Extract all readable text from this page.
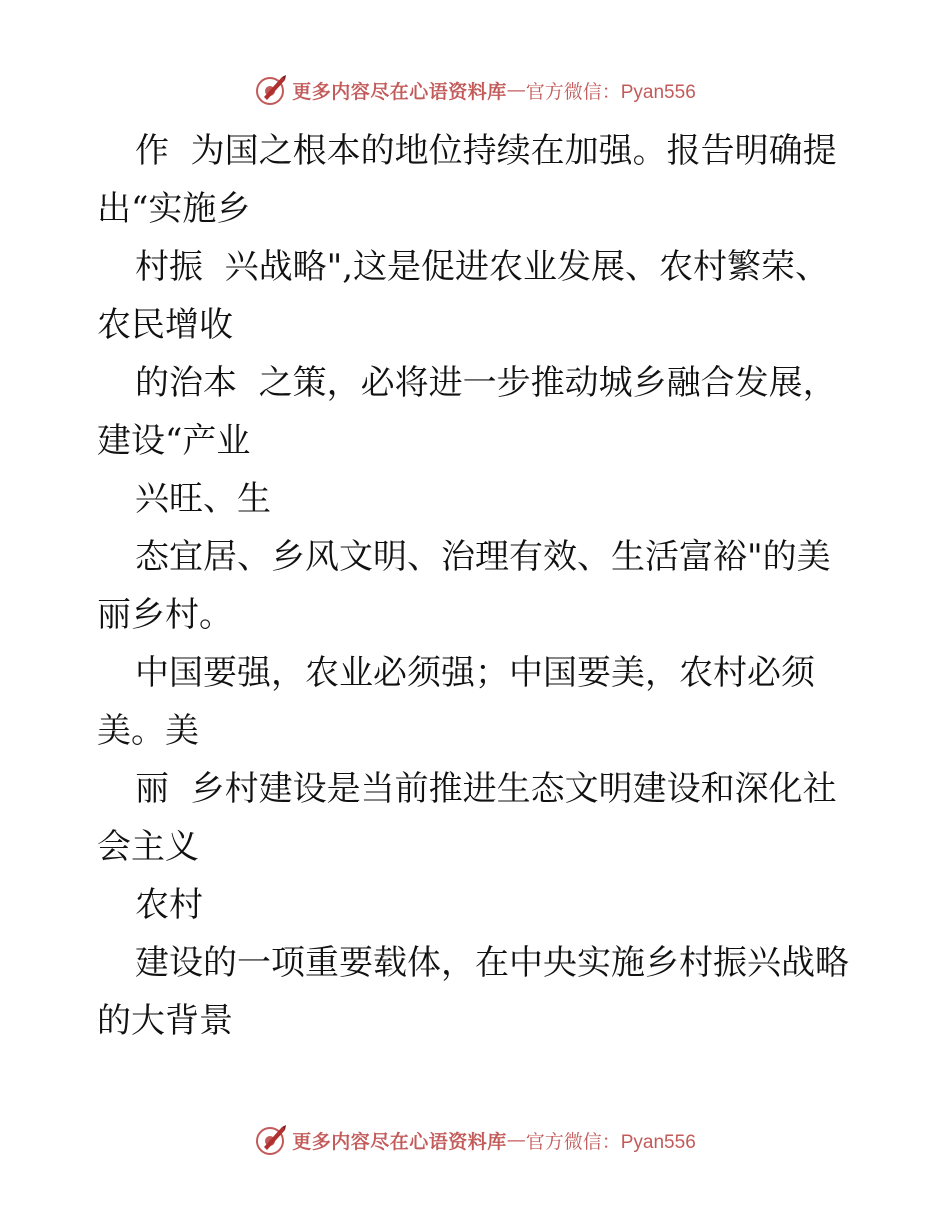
更多内容尽在心语资料库 — 官方微信：Pyan556
作  为国之根本的地位持续在加强。报告明确提
出“实施乡
村振  兴战略",这是促进农业发展、农村繁荣、
农民增收
的治本  之策，必将进一步推动城乡融合发展，
建设“产业
兴旺、生
态宜居、乡风文明、治理有效、生活富裕"的美
丽乡村。
中国要强，农业必须强；中国要美，农村必须
美。美
丽  乡村建设是当前推进生态文明建设和深化社
会主义
农村
建设的一项重要载体，在中央实施乡村振兴战略
的大背景
更多内容尽在心语资料库 — 官方微信：Pyan556
